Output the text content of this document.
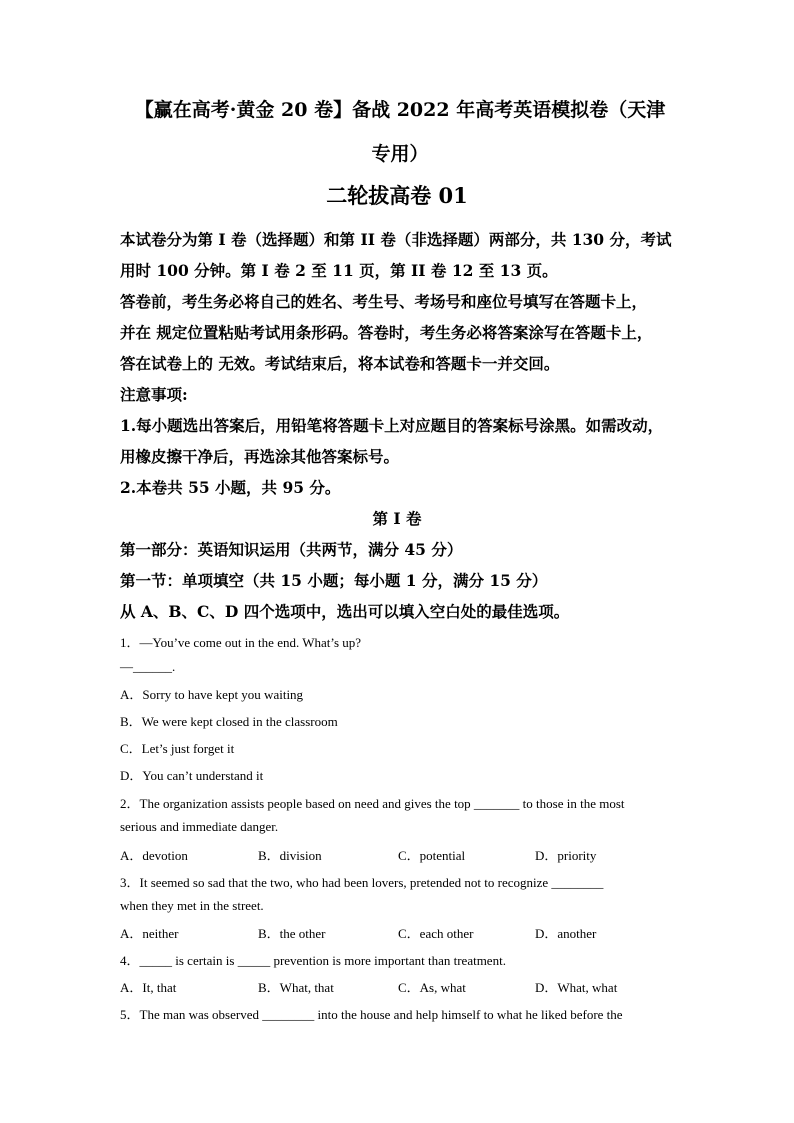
【赢在高考·黄金 20 卷】备战 2022 年高考英语模拟卷（天津
专用）
二轮拔高卷 01
本试卷分为第 I 卷（选择题）和第 II 卷（非选择题）两部分，共 130 分，考试
用时 100 分钟。第 I 卷 2 至 11 页，第 II 卷 12 至 13 页。
答卷前，考生务必将自己的姓名、考生号、考场号和座位号填写在答题卡上，
并在 规定位置粘贴考试用条形码。答卷时，考生务必将答案涂写在答题卡上，
答在试卷上的 无效。考试结束后，将本试卷和答题卡一并交回。
注意事项:
1.每小题选出答案后，用铅笔将答题卡上对应题目的答案标号涂黑。如需改动，
用橡皮擦干净后，再选涂其他答案标号。
2.本卷共 55 小题，共 95 分。
第 I 卷
第一部分：英语知识运用（共两节，满分 45 分）
第一节：单项填空（共 15 小题；每小题 1 分，满分 15 分）
从 A、B、C、D 四个选项中，选出可以填入空白处的最佳选项。
1．—You’ve come out in the end. What’s up?
—______.
A．Sorry to have kept you waiting
B．We were kept closed in the classroom
C．Let’s just forget it
D．You can’t understand it
2．The organization assists people based on need and gives the top _______ to those in the most
serious and immediate danger.
A．devotion	B．division	C．potential	D．priority
3．It seemed so sad that the two, who had been lovers, pretended not to recognize ________
when they met in the street.
A．neither	B．the other	C．each other	D．another
4．_____ is certain is _____ prevention is more important than treatment.
A．It, that	B．What, that	C．As, what	D．What, what
5．The man was observed ________ into the house and help himself to what he liked before the
